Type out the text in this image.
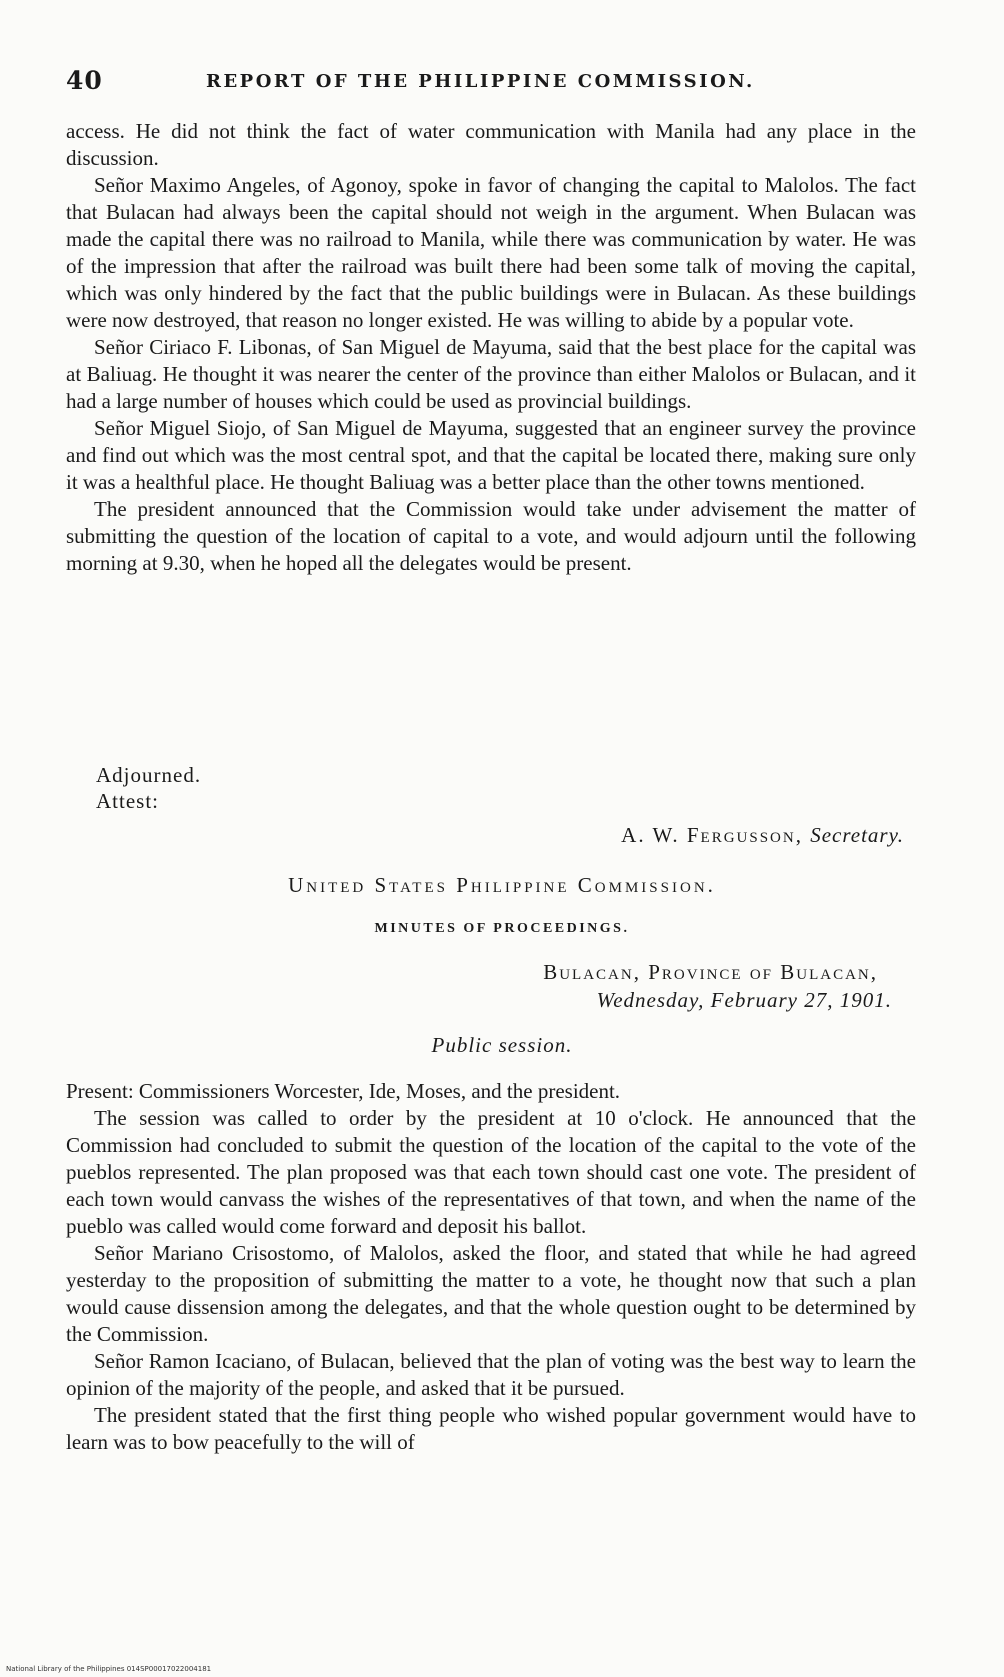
40	REPORT OF THE PHILIPPINE COMMISSION.

access. He did not think the fact of water communication with Manila had any place in the discussion.

Señor Maximo Angeles, of Agonoy, spoke in favor of changing the capital to Malolos. The fact that Bulacan had always been the capital should not weigh in the argument. When Bulacan was made the capital there was no railroad to Manila, while there was communication by water. He was of the impression that after the railroad was built there had been some talk of moving the capital, which was only hindered by the fact that the public buildings were in Bulacan. As these buildings were now destroyed, that reason no longer existed. He was willing to abide by a popular vote.

Señor Ciriaco F. Libonas, of San Miguel de Mayuma, said that the best place for the capital was at Baliuag. He thought it was nearer the center of the province than either Malolos or Bulacan, and it had a large number of houses which could be used as provincial buildings.

Señor Miguel Siojo, of San Miguel de Mayuma, suggested that an engineer survey the province and find out which was the most central spot, and that the capital be located there, making sure only it was a healthful place. He thought Baliuag was a better place than the other towns mentioned.

The president announced that the Commission would take under advisement the matter of submitting the question of the location of capital to a vote, and would adjourn until the following morning at 9.30, when he hoped all the delegates would be present.

Adjourned.
Attest:
A. W. Fergusson, Secretary.
United States Philippine Commission.
MINUTES OF PROCEEDINGS.
Bulacan, Province of Bulacan,
Wednesday, February 27, 1901.
Public session.

Present: Commissioners Worcester, Ide, Moses, and the president.

The session was called to order by the president at 10 o'clock. He announced that the Commission had concluded to submit the question of the location of the capital to the vote of the pueblos represented. The plan proposed was that each town should cast one vote. The president of each town would canvass the wishes of the representatives of that town, and when the name of the pueblo was called would come forward and deposit his ballot.

Señor Mariano Crisostomo, of Malolos, asked the floor, and stated that while he had agreed yesterday to the proposition of submitting the matter to a vote, he thought now that such a plan would cause dissension among the delegates, and that the whole question ought to be determined by the Commission.

Señor Ramon Icaciano, of Bulacan, believed that the plan of voting was the best way to learn the opinion of the majority of the people, and asked that it be pursued.

The president stated that the first thing people who wished popular government would have to learn was to bow peacefully to the will of

National Library of the Philippines 014SP00017022004181
